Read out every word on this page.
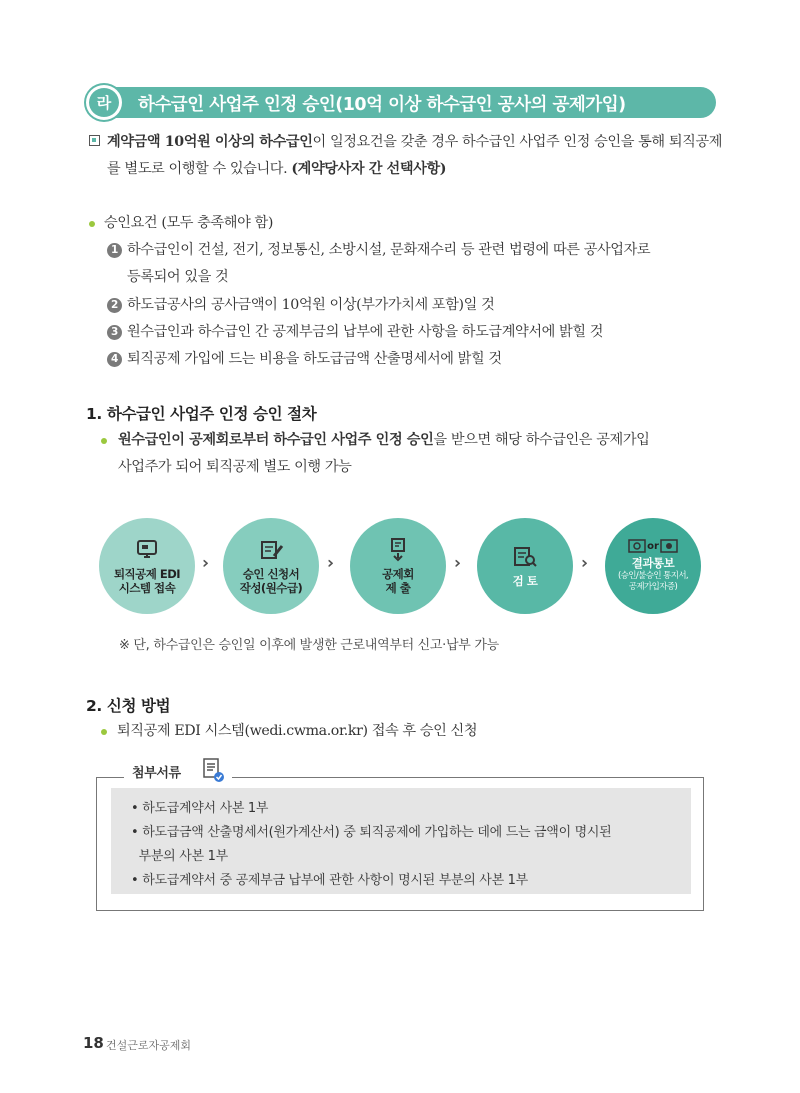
라	하수급인 사업주 인정 승인(10억 이상 하수급인 공사의 공제가입)
계약금액 10억원 이상의 하수급인이 일정요건을 갖춘 경우 하수급인 사업주 인정 승인을 통해 퇴직공제를 별도로 이행할 수 있습니다. (계약당사자 간 선택사항)
승인요건 (모두 충족해야 함)
1 하수급인이 건설, 전기, 정보통신, 소방시설, 문화재수리 등 관련 법령에 따른 공사업자로
등록되어 있을 것
2 하도급공사의 공사금액이 10억원 이상(부가가치세 포함)일 것
3 원수급인과 하수급인 간 공제부금의 납부에 관한 사항을 하도급계약서에 밝힐 것
4 퇴직공제 가입에 드는 비용을 하도급금액 산출명세서에 밝힐 것
1. 하수급인 사업주 인정 승인 절차
원수급인이 공제회로부터 하수급인 사업주 인정 승인을 받으면 해당 하수급인은 공제가입
사업주가 되어 퇴직공제 별도 이행 가능
퇴직공제 EDI
시스템 접속
›››
승인 신청서
작성(원수급)
›››
공제회
제 출
›››
검 토
›››
or
결과통보
(승인/불승인 통지서,
공제가입자증)
※ 단, 하수급인은 승인일 이후에 발생한 근로내역부터 신고·납부 가능
2. 신청 방법
퇴직공제 EDI 시스템(wedi.cwma.or.kr) 접속 후 승인 신청
첨부서류
• 하도급계약서 사본 1부
• 하도급금액 산출명세서(원가계산서) 중 퇴직공제에 가입하는 데에 드는 금액이 명시된
부분의 사본 1부
• 하도급계약서 중 공제부금 납부에 관한 사항이 명시된 부분의 사본 1부
18 건설근로자공제회
